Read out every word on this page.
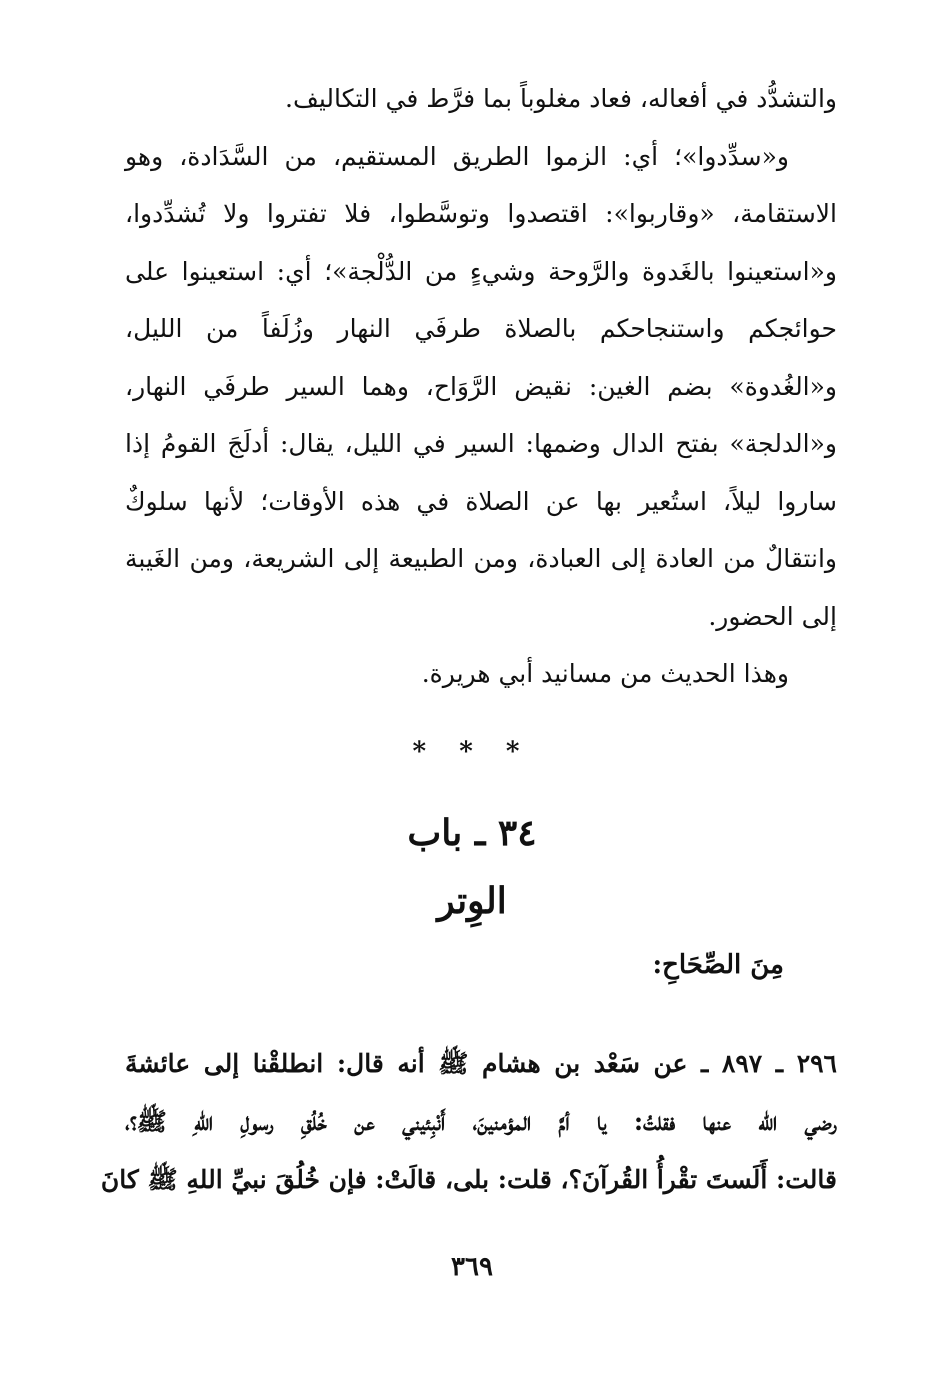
والتشدُّد في أفعاله، فعاد مغلوباً بما فرَّط في التكاليف.

و«سدِّدوا»؛ أي: الزموا الطريق المستقيم، من السَّدَادة، وهو
الاستقامة، «وقاربوا»: اقتصدوا وتوسَّطوا، فلا تفتروا ولا تُشدِّدوا،
و«استعينوا بالغَدوة والرَّوحة وشيءٍ من الدُّلْجة»؛ أي: استعينوا على
حوائجكم واستنجاحكم بالصلاة طرفَي النهار وزُلَفاً من الليل،
و«الغُدوة» بضم الغين: نقيض الرَّوَاح، وهما السير طرفَي النهار،
و«الدلجة» بفتح الدال وضمها: السير في الليل، يقال: أدلَجَ القومُ إذا
ساروا ليلاً، استُعير بها عن الصلاة في هذه الأوقات؛ لأنها سلوكٌ
وانتقالٌ من العادة إلى العبادة، ومن الطبيعة إلى الشريعة، ومن الغَيبة
إلى الحضور.

وهذا الحديث من مسانيد أبي هريرة.

* * *
٣٤ ـ باب
الوِتر
مِنَ الصِّحَاحِ:
٢٩٦ ـ ٨٩٧ ـ عن سَعْد بن هشام ﷺ أنه قال: انطلقْنا إلى عائشةَ
رضي الله عنها فقلتُ: يا أمَّ المؤمنينَ، أَنْبِئيني عن خُلُقِ رسولِ اللهِ ﷺ؟،
قالت: أَلَستَ تقْرأُ القُرآنَ؟، قلت: بلى، قالَتْ: فإن خُلُقَ نبيِّ اللهِ ﷺ كانَ
٣٦٩
